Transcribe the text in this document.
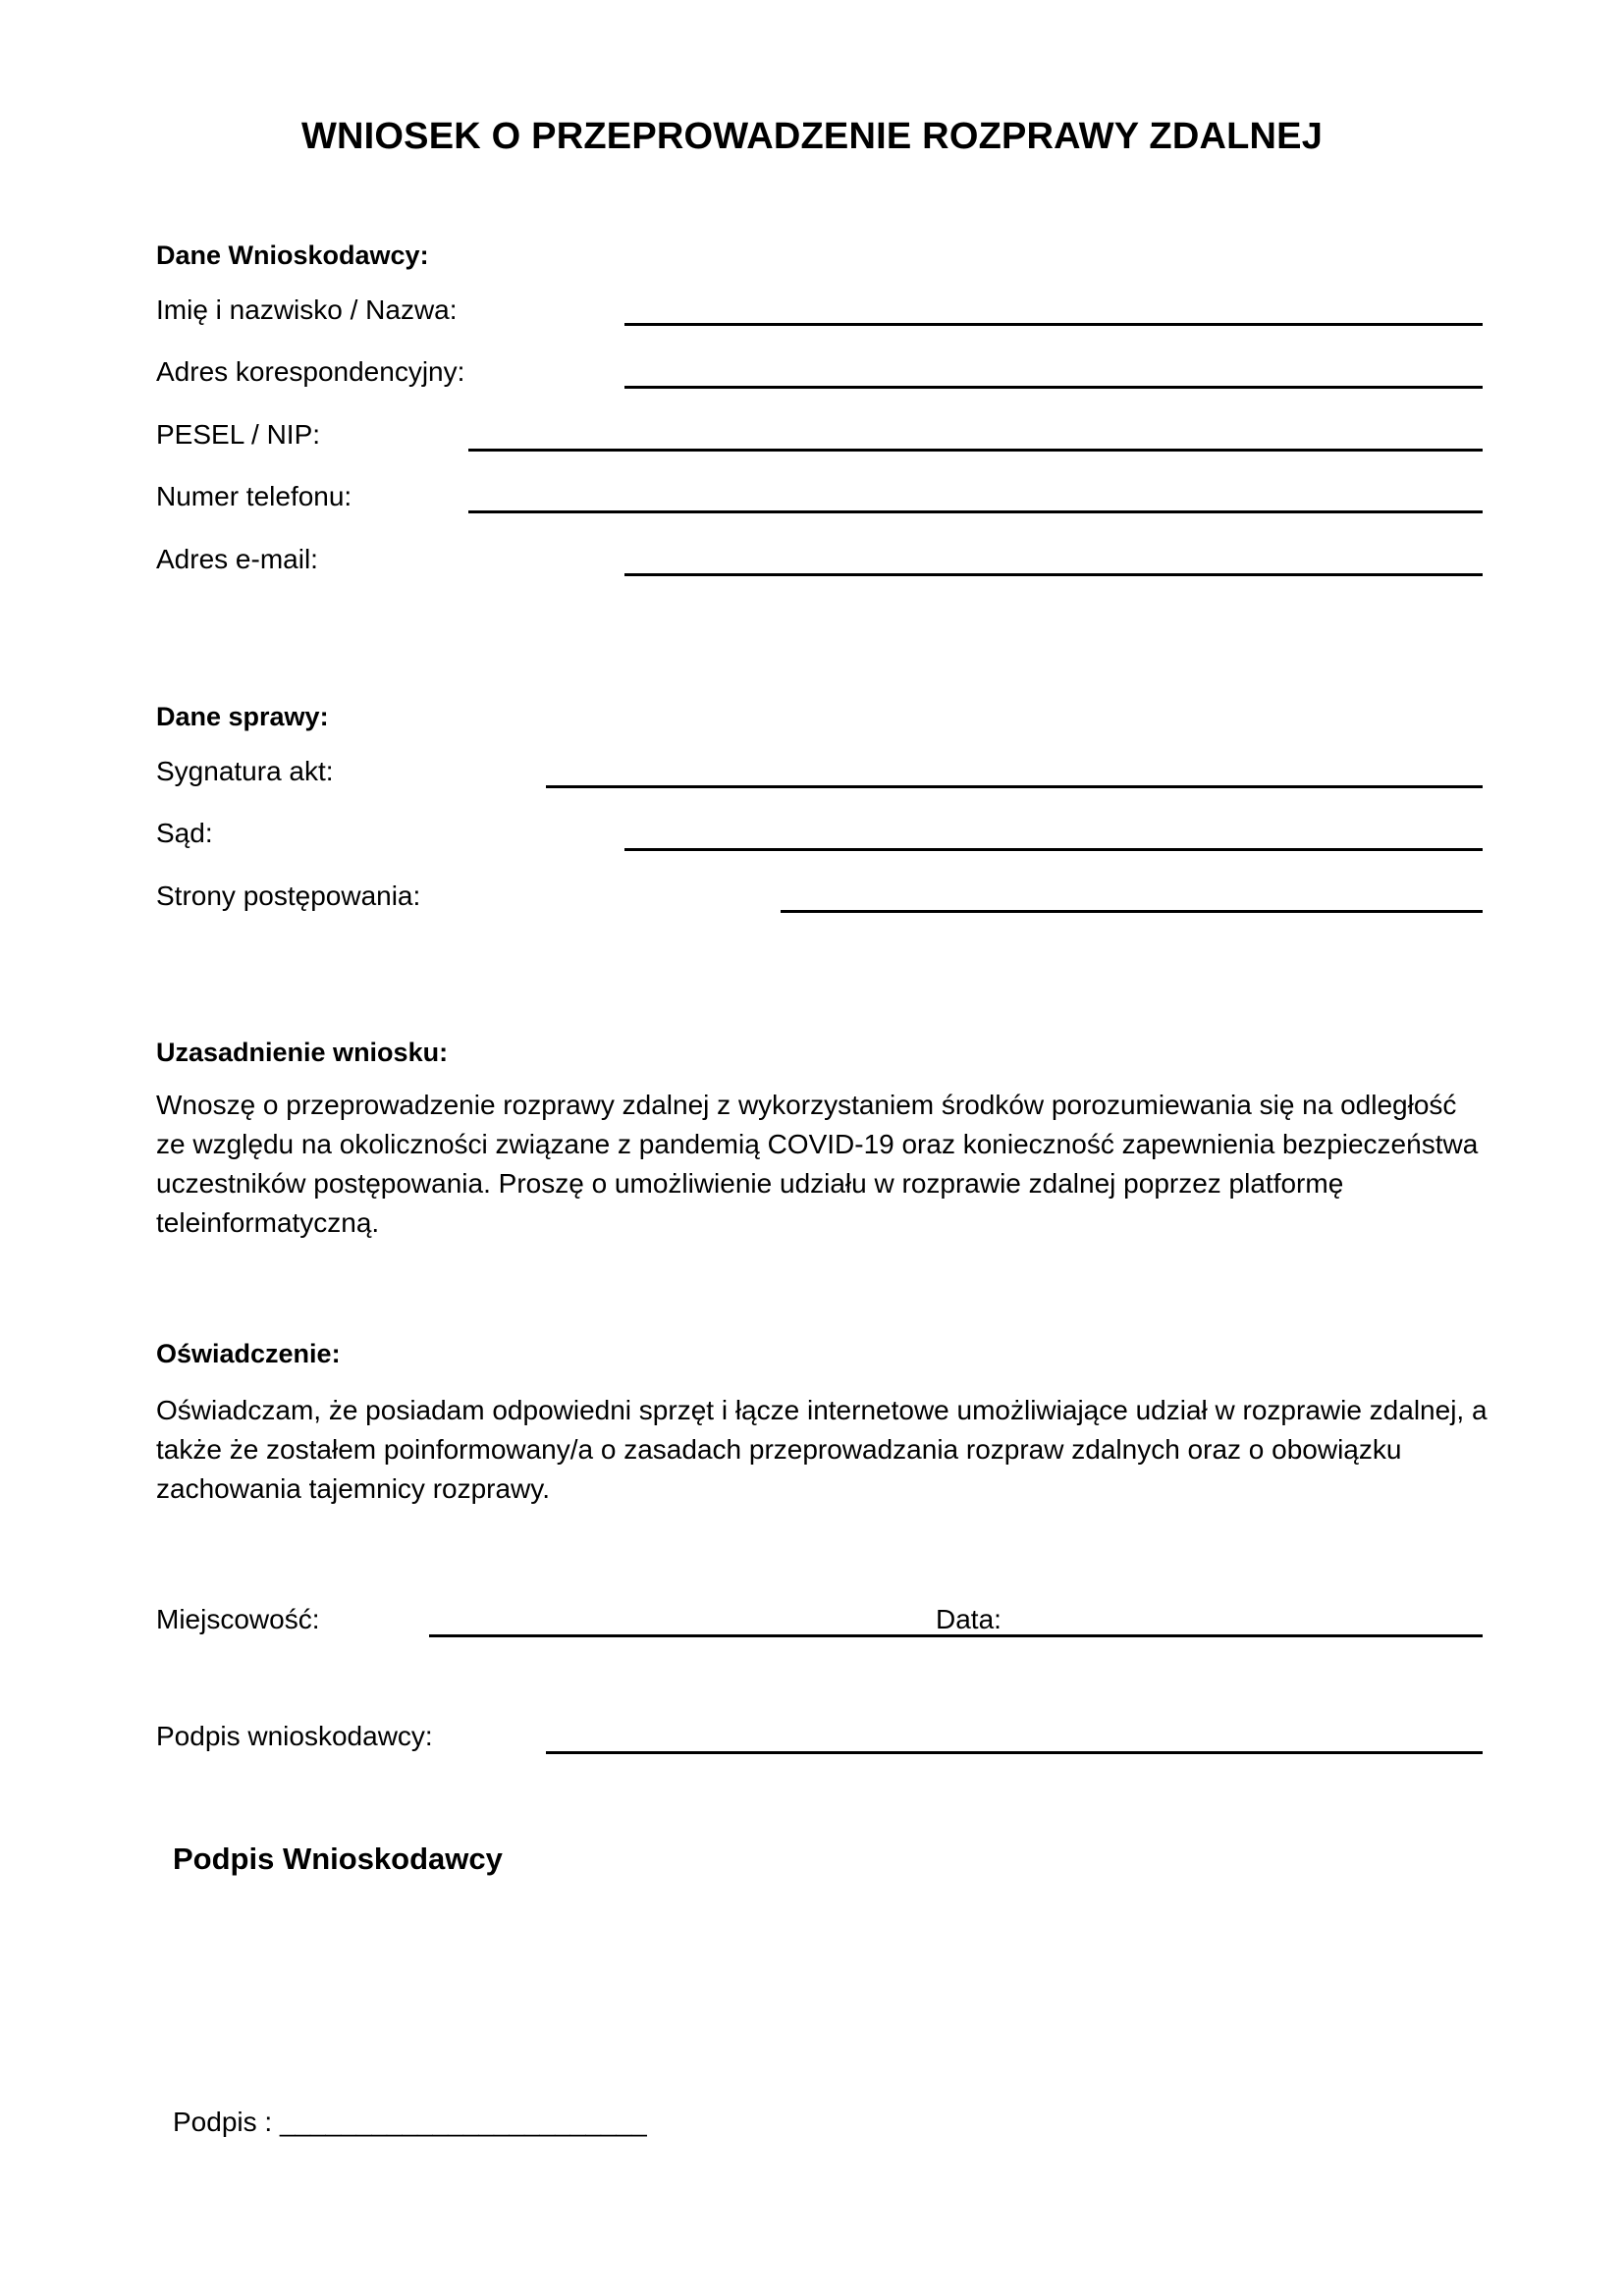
WNIOSEK O PRZEPROWADZENIE ROZPRAWY ZDALNEJ
Dane Wnioskodawcy:
Imię i nazwisko / Nazwa:
Adres korespondencyjny:
PESEL / NIP:
Numer telefonu:
Adres e-mail:
Dane sprawy:
Sygnatura akt:
Sąd:
Strony postępowania:
Uzasadnienie wniosku:
Wnoszę o przeprowadzenie rozprawy zdalnej z wykorzystaniem środków porozumiewania się na odległość ze względu na okoliczności związane z pandemią COVID-19 oraz konieczność zapewnienia bezpieczeństwa uczestników postępowania. Proszę o umożliwienie udziału w rozprawie zdalnej poprzez platformę teleinformatyczną.
Oświadczenie:
Oświadczam, że posiadam odpowiedni sprzęt i łącze internetowe umożliwiające udział w rozprawie zdalnej, a także że zostałem poinformowany/a o zasadach przeprowadzania rozpraw zdalnych oraz o obowiązku zachowania tajemnicy rozprawy.
Miejscowość:	Data:
Podpis wnioskodawcy:
Podpis Wnioskodawcy
Podpis : ________________________
